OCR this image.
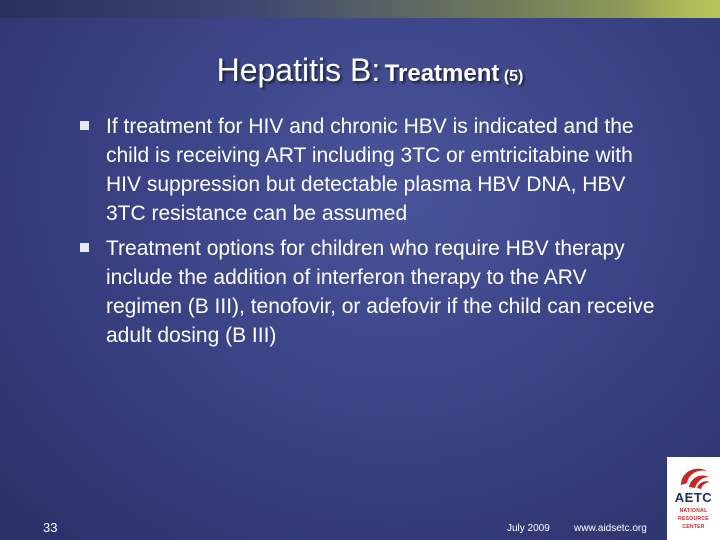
Hepatitis B: Treatment (5)
If treatment for HIV and chronic HBV is indicated and the child is receiving ART including 3TC or emtricitabine with HIV suppression but detectable plasma HBV DNA, HBV 3TC resistance can be assumed
Treatment options for children who require HBV therapy include the addition of interferon therapy to the ARV regimen (B III), tenofovir, or adefovir if the child can receive adult dosing (B III)
33	July 2009 www.aidsetc.org
AETC
NATIONAL
RESOURCE
CENTER
